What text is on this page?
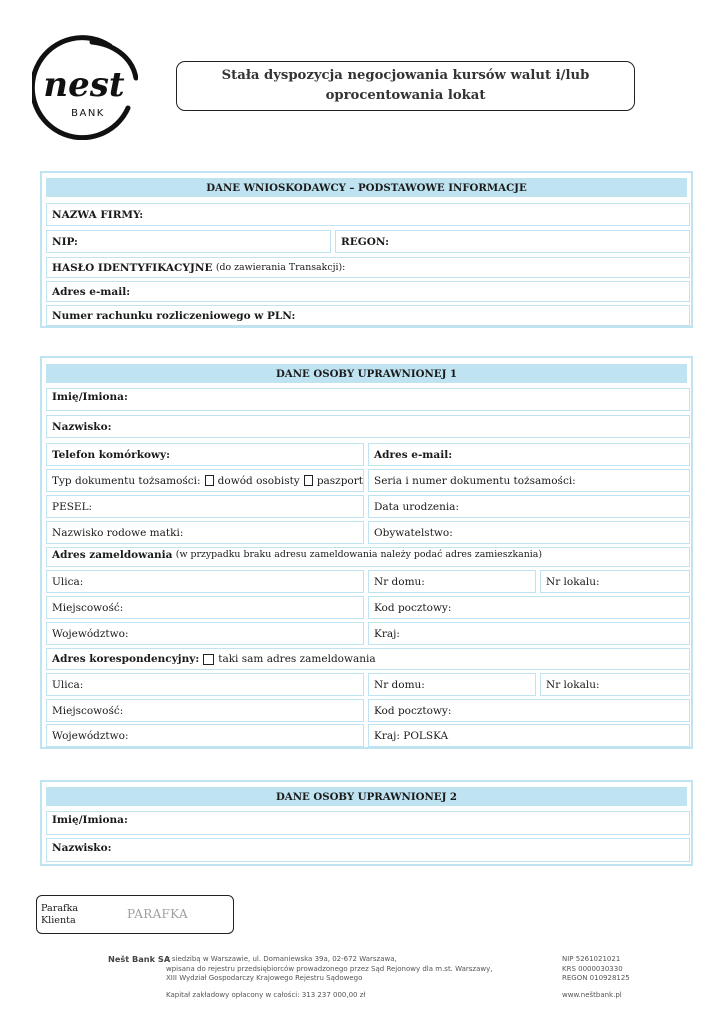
nest
BANK
Stała dyspozycja negocjowania kursów walut i/lub
oprocentowania lokat
DANE WNIOSKODAWCY – PODSTAWOWE INFORMACJE
NAZWA FIRMY:
NIP:	REGON:
HASŁO IDENTYFIKACYJNE
(do zawierania Transakcji):
Adres e-mail:
Numer rachunku rozliczeniowego w PLN:
DANE OSOBY UPRAWNIONEJ 1
Imię/Imiona:
Nazwisko:
Telefon komórkowy:	Adres e-mail:
Typ dokumentu tożsamości: dowód osobisty paszport	Seria i numer dokumentu tożsamości:
PESEL:	Data urodzenia:
Nazwisko rodowe matki:	Obywatelstwo:
Adres zameldowania
(w przypadku braku adresu zameldowania należy podać adres zamieszkania)
Ulica:	Nr domu:	Nr lokalu:
Miejscowość:	Kod pocztowy:
Województwo:	Kraj:
Adres korespondencyjny: taki sam adres zameldowania
Ulica:	Nr domu:	Nr lokalu:
Miejscowość:	Kod pocztowy:
Województwo:	Kraj: POLSKA
DANE OSOBY UPRAWNIONEJ 2
Imię/Imiona:
Nazwisko:
Parafka
Klienta	PARAFKA
Nešt Bank SA
z siedzibą w Warszawie, ul. Domaniewska 39a, 02-672 Warszawa,
wpisana do rejestru przedsiębiorców prowadzonego przez Sąd Rejonowy dla m.st. Warszawy,
XIII Wydział Gospodarczy Krajowego Rejestru Sądowego
Kapitał zakładowy opłacony w całości: 313 237 000,00 zł
NIP 5261021021
KRS 0000030330
REGON 010928125
www.neštbank.pl
